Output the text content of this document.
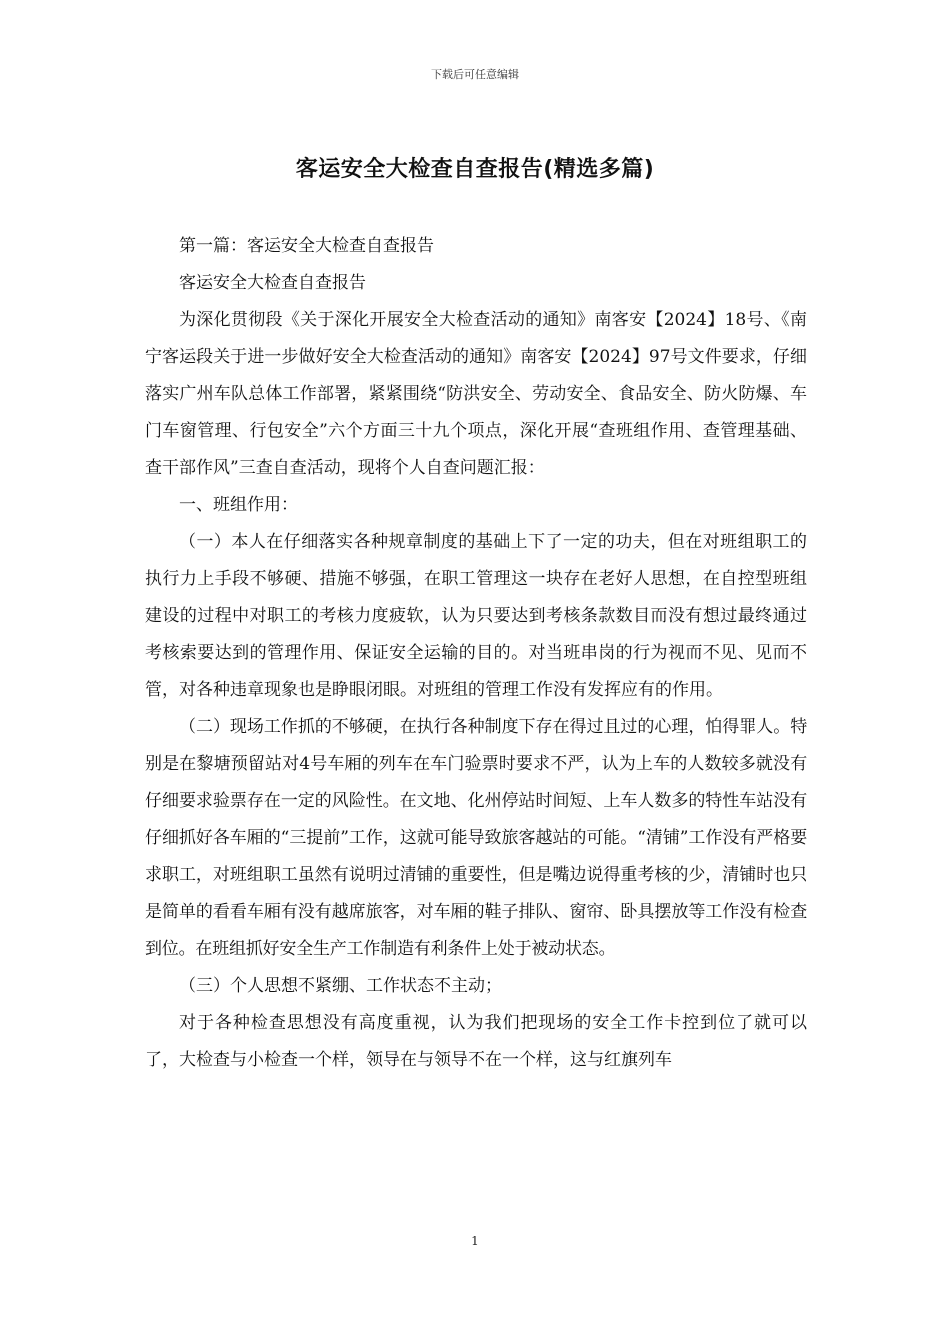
下载后可任意编辑
客运安全大检查自查报告(精选多篇)

第一篇：客运安全大检查自查报告

客运安全大检查自查报告

为深化贯彻段《关于深化开展安全大检查活动的通知》南客安【2024】18号、《南宁客运段关于进一步做好安全大检查活动的通知》南客安【2024】97号文件要求，仔细落实广州车队总体工作部署，紧紧围绕“防洪安全、劳动安全、食品安全、防火防爆、车门车窗管理、行包安全”六个方面三十九个项点，深化开展“查班组作用、查管理基础、查干部作风”三查自查活动，现将个人自查问题汇报：

一、班组作用：

（一）本人在仔细落实各种规章制度的基础上下了一定的功夫，但在对班组职工的执行力上手段不够硬、措施不够强，在职工管理这一块存在老好人思想，在自控型班组建设的过程中对职工的考核力度疲软，认为只要达到考核条款数目而没有想过最终通过考核索要达到的管理作用、保证安全运输的目的。对当班串岗的行为视而不见、见而不管，对各种违章现象也是睁眼闭眼。对班组的管理工作没有发挥应有的作用。

（二）现场工作抓的不够硬，在执行各种制度下存在得过且过的心理，怕得罪人。特别是在黎塘预留站对4号车厢的列车在车门验票时要求不严，认为上车的人数较多就没有仔细要求验票存在一定的风险性。在文地、化州停站时间短、上车人数多的特性车站没有仔细抓好各车厢的“三提前”工作，这就可能导致旅客越站的可能。“清铺”工作没有严格要求职工，对班组职工虽然有说明过清铺的重要性，但是嘴边说得重考核的少，清铺时也只是简单的看看车厢有没有越席旅客，对车厢的鞋子排队、窗帘、卧具摆放等工作没有检查到位。在班组抓好安全生产工作制造有利条件上处于被动状态。

（三）个人思想不紧绷、工作状态不主动；

对于各种检查思想没有高度重视，认为我们把现场的安全工作卡控到位了就可以了，大检查与小检查一个样，领导在与领导不在一个样，这与红旗列车

1
